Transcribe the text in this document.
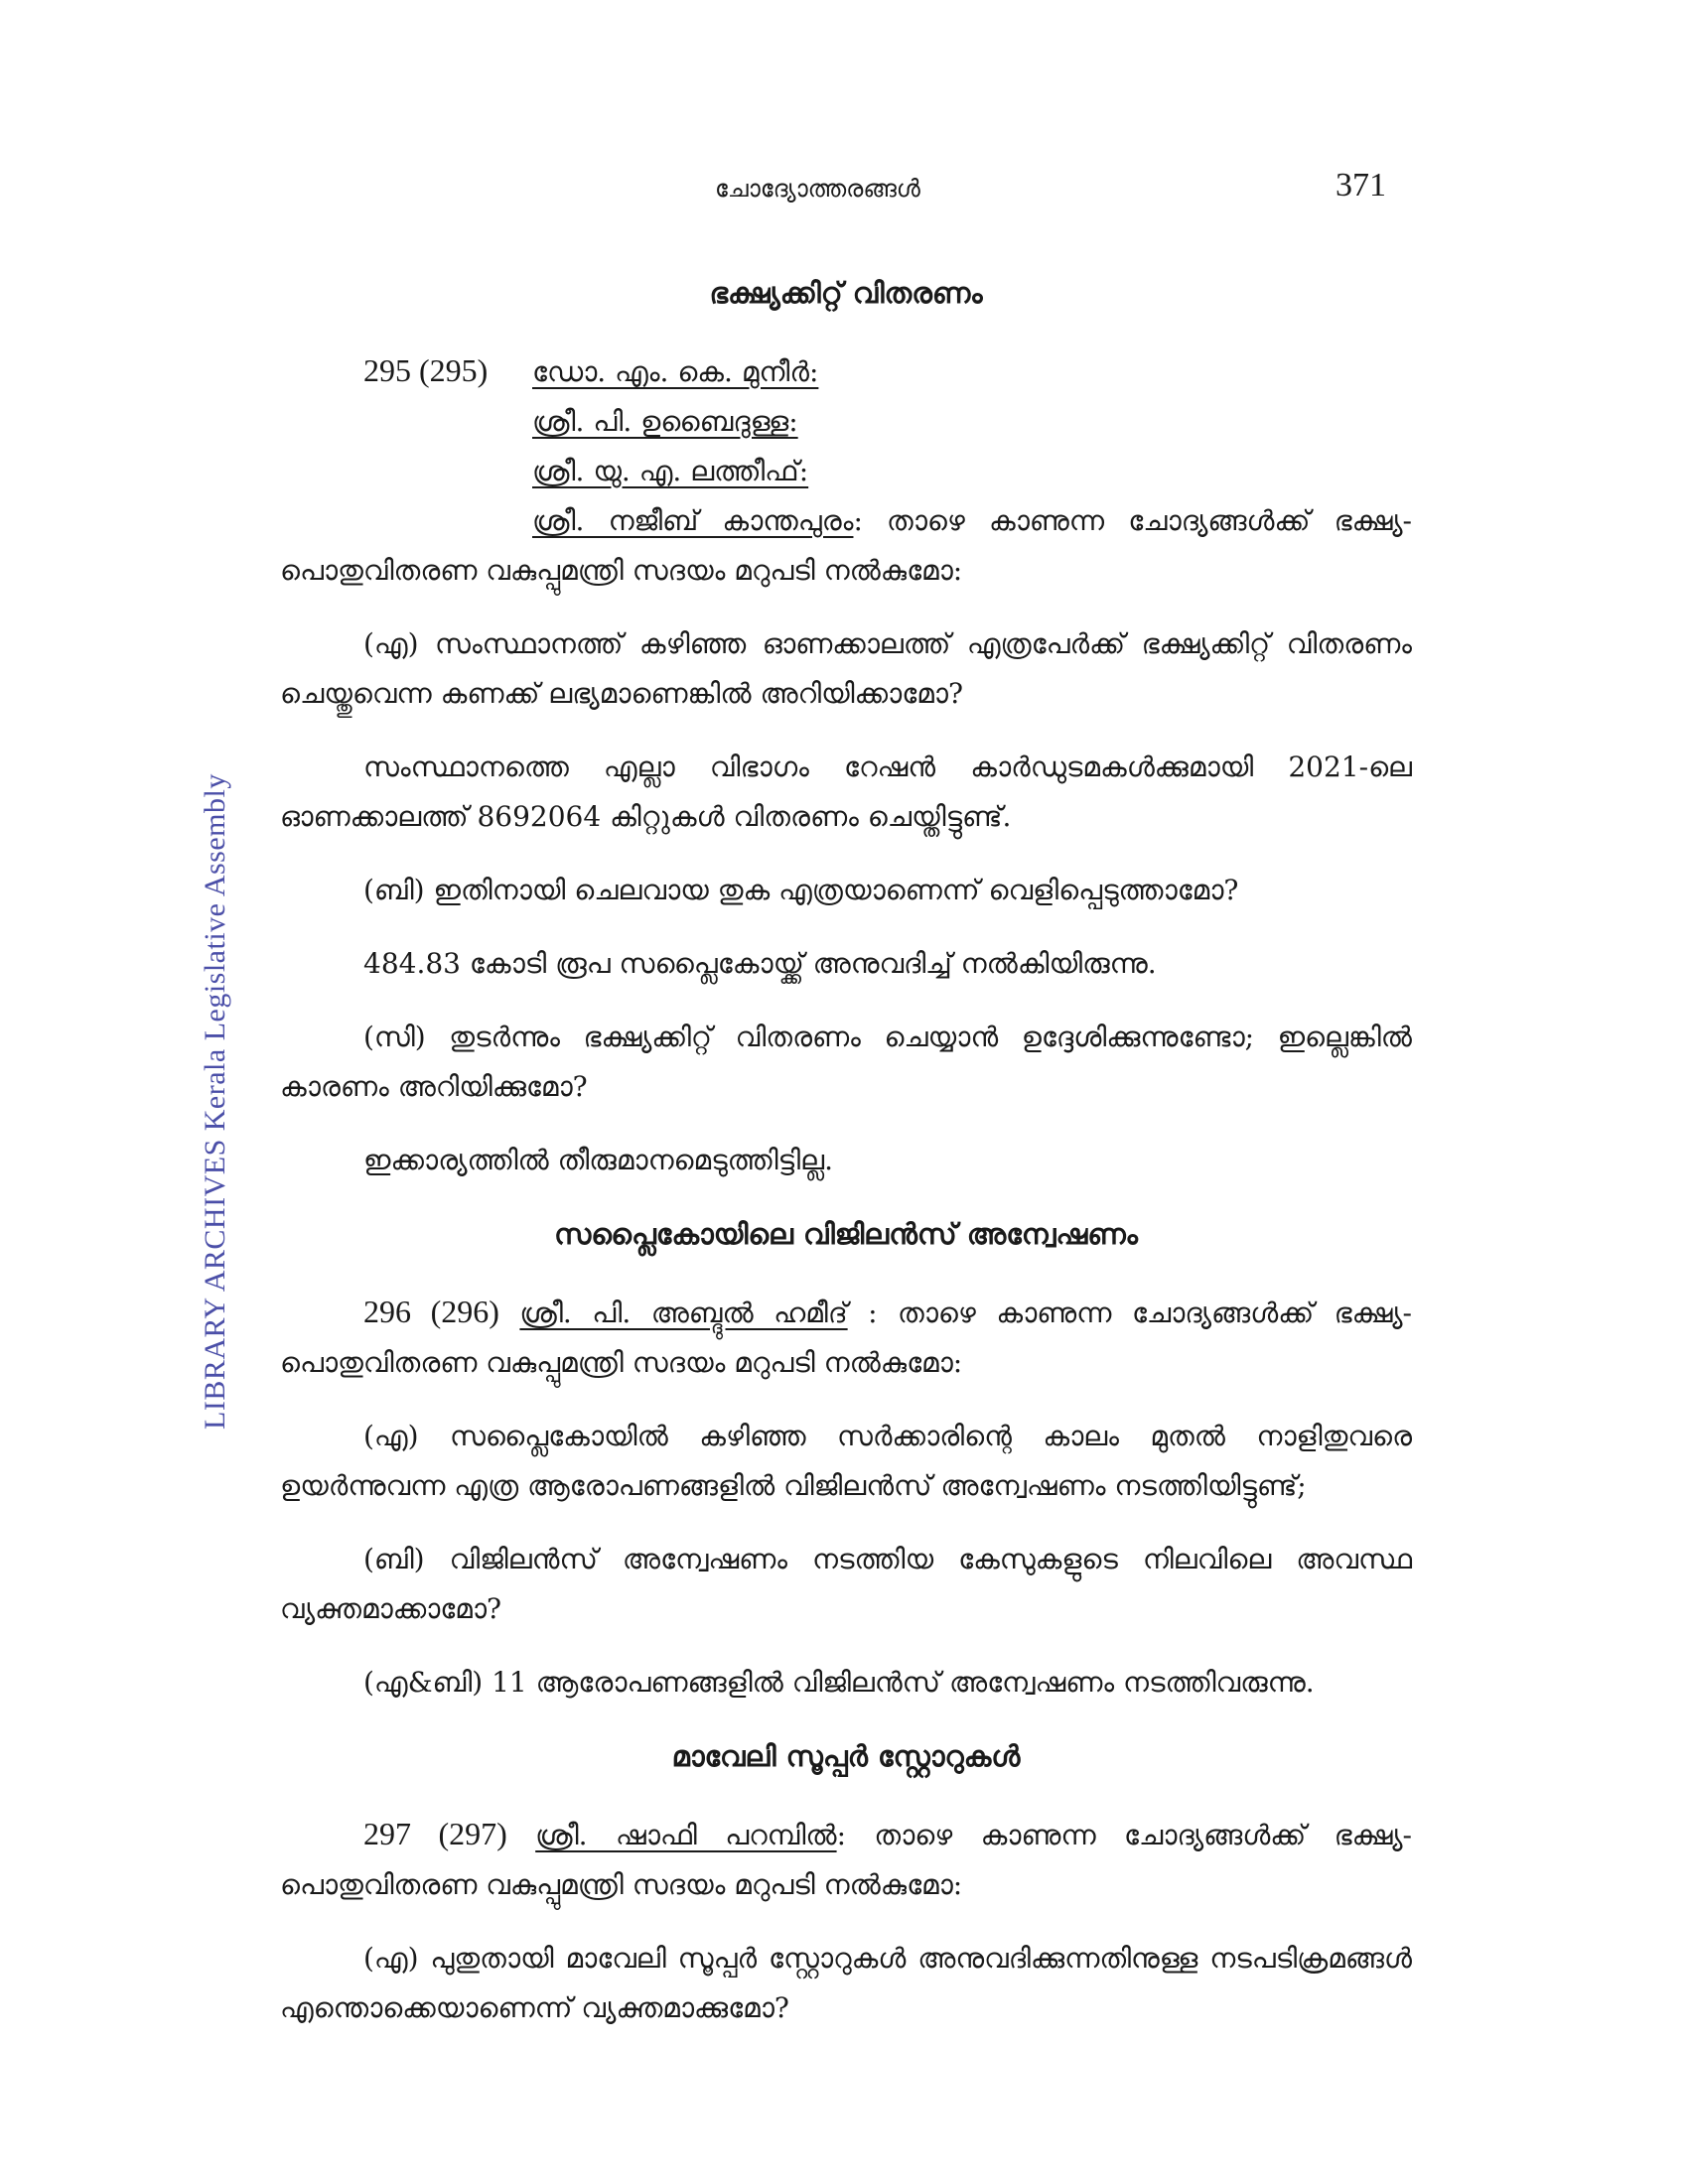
ചോദ്യോത്തരങ്ങൾ	371
LIBRARY ARCHIVES Kerala Legislative Assembly
ഭക്ഷ്യക്കിറ്റ് വിതരണം
295 (295) ഡോ. എം. കെ. മുനീർ:
ശ്രീ. പി. ഉബൈദുള്ള:
ശ്രീ. യു. എ. ലത്തീഫ്:

ശ്രീ. നജീബ് കാന്തപുരം: താഴെ കാണുന്ന ചോദ്യങ്ങൾക്ക് ഭക്ഷ്യ-പൊതുവിതരണ വകുപ്പുമന്ത്രി സദയം മറുപടി നൽകുമോ:

(എ) സംസ്ഥാനത്ത് കഴിഞ്ഞ ഓണക്കാലത്ത് എത്രപേർക്ക് ഭക്ഷ്യക്കിറ്റ് വിതരണം ചെയ്തുവെന്ന കണക്ക് ലഭ്യമാണെങ്കിൽ അറിയിക്കാമോ?

സംസ്ഥാനത്തെ എല്ലാ വിഭാഗം റേഷൻ കാർഡുടമകൾക്കുമായി 2021-ലെ ഓണക്കാലത്ത് 8692064 കിറ്റുകൾ വിതരണം ചെയ്തിട്ടുണ്ട്.

(ബി) ഇതിനായി ചെലവായ തുക എത്രയാണെന്ന് വെളിപ്പെടുത്താമോ?

484.83 കോടി രൂപ സപ്ലൈകോയ്ക്ക് അനുവദിച്ച് നൽകിയിരുന്നു.

(സി) തുടർന്നും ഭക്ഷ്യക്കിറ്റ് വിതരണം ചെയ്യാൻ ഉദ്ദേശിക്കുന്നുണ്ടോ; ഇല്ലെങ്കിൽ കാരണം അറിയിക്കുമോ?

ഇക്കാര്യത്തിൽ തീരുമാനമെടുത്തിട്ടില്ല.

സപ്ലൈകോയിലെ വിജിലൻസ് അന്വേഷണം

296 (296) ശ്രീ. പി. അബ്ദുൽ ഹമീദ് : താഴെ കാണുന്ന ചോദ്യങ്ങൾക്ക് ഭക്ഷ്യ-പൊതുവിതരണ വകുപ്പുമന്ത്രി സദയം മറുപടി നൽകുമോ:

(എ) സപ്ലൈകോയിൽ കഴിഞ്ഞ സർക്കാരിന്റെ കാലം മുതൽ നാളിതുവരെ ഉയർന്നുവന്ന എത്ര ആരോപണങ്ങളിൽ വിജിലൻസ് അന്വേഷണം നടത്തിയിട്ടുണ്ട്;

(ബി) വിജിലൻസ് അന്വേഷണം നടത്തിയ കേസുകളുടെ നിലവിലെ അവസ്ഥ വ്യക്തമാക്കാമോ?

(എ&ബി) 11 ആരോപണങ്ങളിൽ വിജിലൻസ് അന്വേഷണം നടത്തിവരുന്നു.

മാവേലി സൂപ്പർ സ്റ്റോറുകൾ

297 (297) ശ്രീ. ഷാഫി പറമ്പിൽ: താഴെ കാണുന്ന ചോദ്യങ്ങൾക്ക് ഭക്ഷ്യ-പൊതുവിതരണ വകുപ്പുമന്ത്രി സദയം മറുപടി നൽകുമോ:

(എ) പുതുതായി മാവേലി സൂപ്പർ സ്റ്റോറുകൾ അനുവദിക്കുന്നതിനുള്ള നടപടിക്രമങ്ങൾ എന്തൊക്കെയാണെന്ന് വ്യക്തമാക്കുമോ?
